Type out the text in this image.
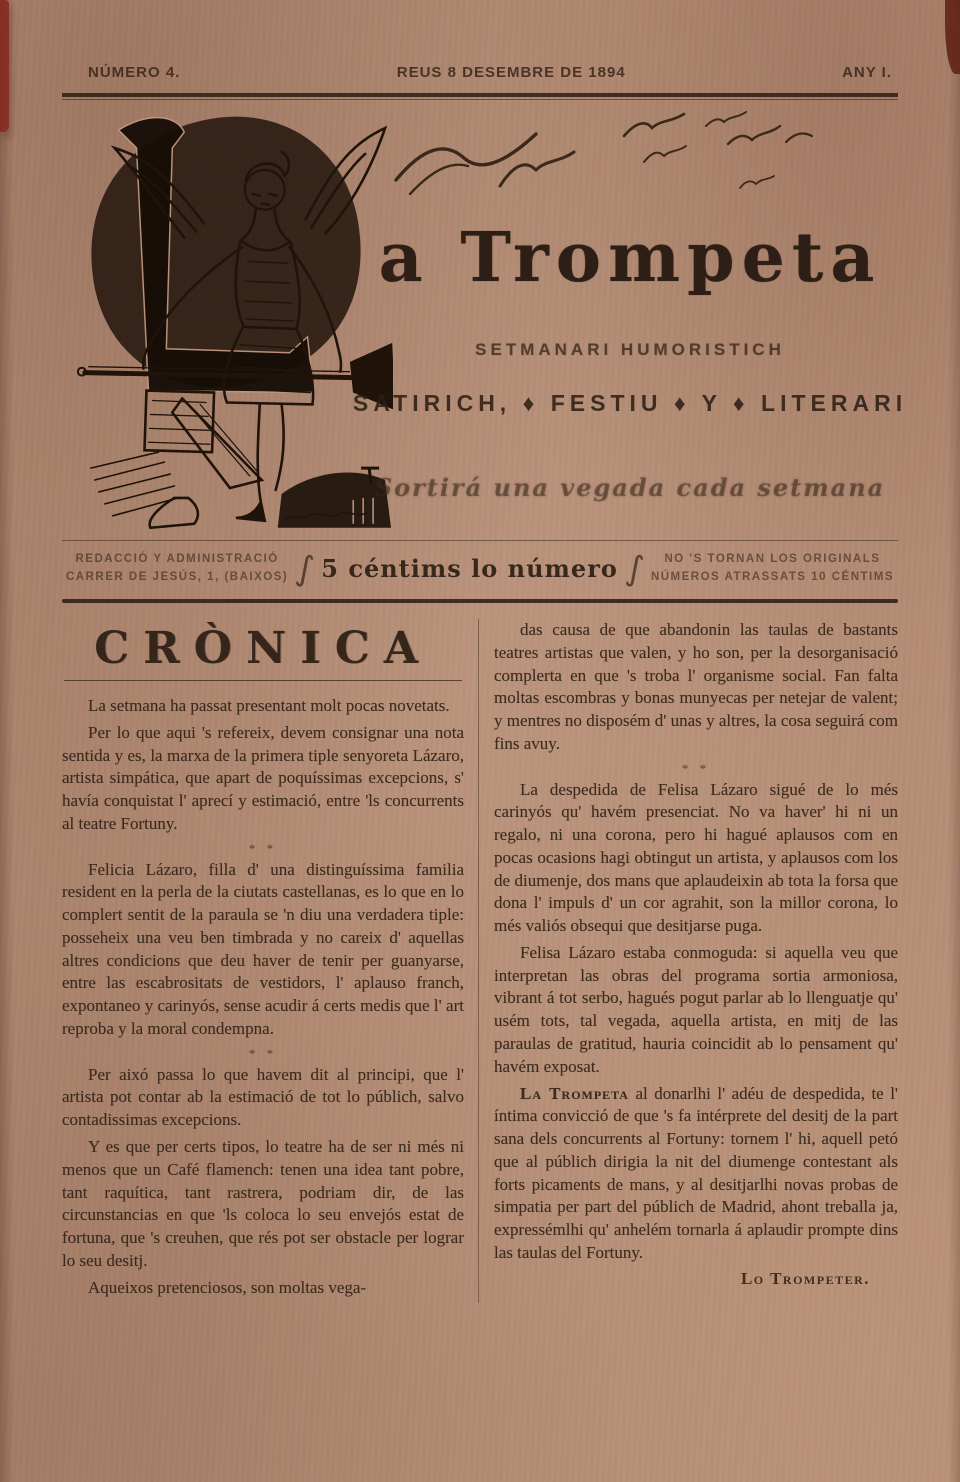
NÚMERO 4.	REUS 8 DESEMBRE DE 1894	ANY I.
a Trompeta
SETMANARI HUMORISTICH
SATIRICH, ♦ FESTIU ♦ Y ♦ LITERARI
Sortirá una vegada cada setmana
REDACCIÓ Y ADMINISTRACIÓ
CARRER DE JESÚS, 1, (BAIXOS) ∫ 5 céntims lo número ∫	NO 'S TORNAN LOS ORIGINALS
NÚMEROS ATRASSATS 10 CÉNTIMS
CRÒNICA

La setmana ha passat presentant molt pocas novetats.

Per lo que aqui 's refereix, devem consignar una nota sentida y es, la marxa de la primera tiple senyoreta Lázaro, artista simpática, que apart de poquíssimas excepcions, s' havía conquistat l' aprecí y estimació, entre 'ls concurrents al teatre Fortuny.

* *

Felicia Lázaro, filla d' una distinguíssima familia resident en la perla de la ciutats castellanas, es lo que en lo complert sentit de la paraula se 'n diu una verdadera tiple: posseheix una veu ben timbrada y no careix d' aquellas altres condicions que deu haver de tenir per guanyarse, entre las escabrositats de vestidors, l' aplauso franch, expontaneo y carinyós, sense acudir á certs medis que l' art reproba y la moral condempna.

* *

Per aixó passa lo que havem dit al principi, que l' artista pot contar ab la estimació de tot lo públich, salvo contadissimas excepcions.

Y es que per certs tipos, lo teatre ha de ser ni més ni menos que un Café flamench: tenen una idea tant pobre, tant raquítica, tant rastrera, podriam dir, de las circunstancias en que 'ls coloca lo seu envejós estat de fortuna, que 's creuhen, que rés pot ser obstacle per lograr lo seu desitj.

Aqueixos pretenciosos, son moltas vega-

das causa de que abandonin las taulas de bastants teatres artistas que valen, y ho son, per la desorganisació complerta en que 's troba l' organisme social. Fan falta moltas escombras y bonas munyecas per netejar de valent; y mentres no disposém d' unas y altres, la cosa seguirá com fins avuy.

* *

La despedida de Felisa Lázaro sigué de lo més carinyós qu' havém presenciat. No va haver' hi ni un regalo, ni una corona, pero hi hagué aplausos com en pocas ocasions hagi obtingut un artista, y aplausos com los de diumenje, dos mans que aplaudeixin ab tota la forsa que dona l' impuls d' un cor agrahit, son la millor corona, lo més valiós obsequi que desitjarse puga.

Felisa Lázaro estaba conmoguda: si aquella veu que interpretan las obras del programa sortia armoniosa, vibrant á tot serbo, hagués pogut parlar ab lo llenguatje qu' usém tots, tal vegada, aquella artista, en mitj de las paraulas de gratitud, hauria coincidit ab lo pensament qu' havém exposat.

La Trompeta al donarlhi l' adéu de despedida, te l' íntima convicció de que 's fa intérprete del desitj de la part sana dels concurrents al Fortuny: tornem l' hi, aquell petó que al públich dirigia la nit del diumenge contestant als forts picaments de mans, y al desitjarlhi novas probas de simpatia per part del públich de Madrid, ahont treballa ja, expressémlhi qu' anhelém tornarla á aplaudir prompte dins las taulas del Fortuny.

Lo Trompeter.
